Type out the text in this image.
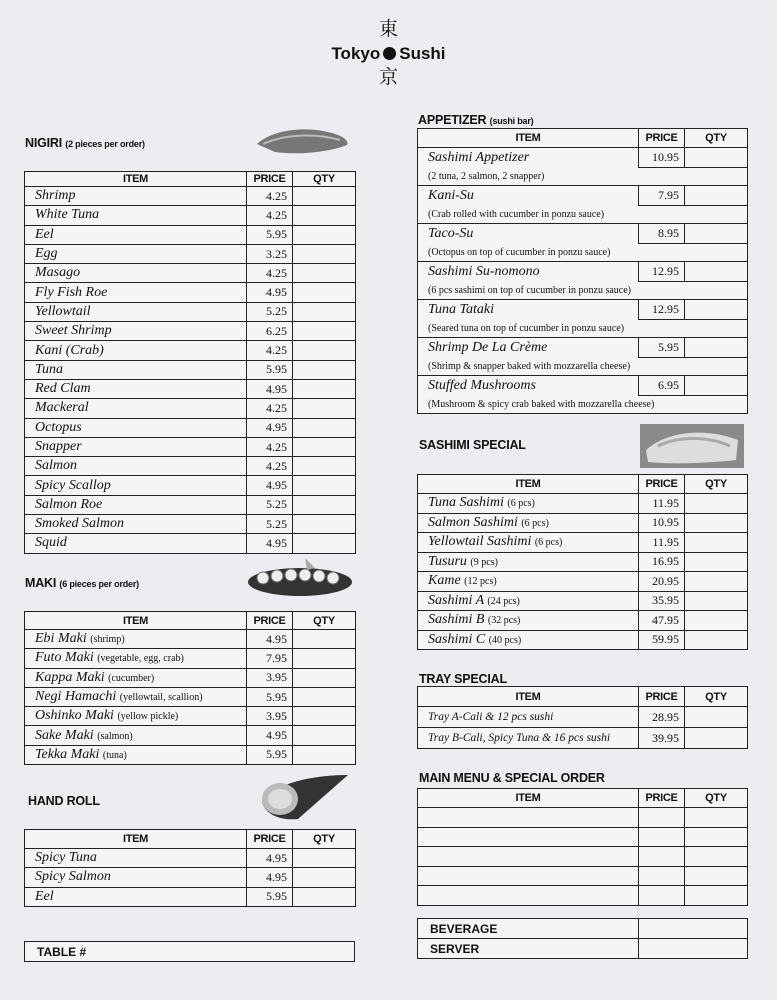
東
Tokyo Sushi
京
NIGIRI (2 pieces per order)
ITEM	PRICE	QTY
Shrimp	4.25	
White Tuna	4.25	
Eel	5.95	
Egg	3.25	
Masago	4.25	
Fly Fish Roe	4.95	
Yellowtail	5.25	
Sweet Shrimp	6.25	
Kani (Crab)	4.25	
Tuna	5.95	
Red Clam	4.95	
Mackeral	4.25	
Octopus	4.95	
Snapper	4.25	
Salmon	4.25	
Spicy Scallop	4.95	
Salmon Roe	5.25	
Smoked Salmon	5.25	
Squid	4.95	
MAKI (6 pieces per order)
ITEM	PRICE	QTY
Ebi Maki (shrimp)	4.95	
Futo Maki (vegetable, egg, crab)	7.95	
Kappa Maki (cucumber)	3.95	
Negi Hamachi (yellowtail, scallion)	5.95	
Oshinko Maki (yellow pickle)	3.95	
Sake Maki (salmon)	4.95	
Tekka Maki (tuna)	5.95	
HAND ROLL
ITEM	PRICE	QTY
Spicy Tuna	4.95	
Spicy Salmon	4.95	
Eel	5.95	
TABLE #
APPETIZER (sushi bar)
ITEM	PRICE	QTY
Sashimi Appetizer	10.95	
(2 tuna, 2 salmon, 2 snapper)		
Kani-Su	7.95	
(Crab rolled with cucumber in ponzu sauce)		
Taco-Su	8.95	
(Octopus on top of cucumber in ponzu sauce)		
Sashimi Su-nomono	12.95	
(6 pcs sashimi on top of cucumber in ponzu sauce)		
Tuna Tataki	12.95	
(Seared tuna on top of cucumber in ponzu sauce)		
Shrimp De La Crème	5.95	
(Shrimp & snapper baked with mozzarella cheese)		
Stuffed Mushrooms	6.95	
(Mushroom & spicy crab baked with mozzarella cheese)		
SASHIMI SPECIAL
ITEM	PRICE	QTY
Tuna Sashimi (6 pcs)	11.95	
Salmon Sashimi (6 pcs)	10.95	
Yellowtail Sashimi (6 pcs)	11.95	
Tusuru (9 pcs)	16.95	
Kame (12 pcs)	20.95	
Sashimi A (24 pcs)	35.95	
Sashimi B (32 pcs)	47.95	
Sashimi C (40 pcs)	59.95	
TRAY SPECIAL
ITEM	PRICE	QTY
Tray A-Cali & 12 pcs sushi	28.95	
Tray B-Cali, Spicy Tuna & 16 pcs sushi	39.95	
MAIN MENU & SPECIAL ORDER
ITEM	PRICE	QTY

BEVERAGE	
SERVER	
